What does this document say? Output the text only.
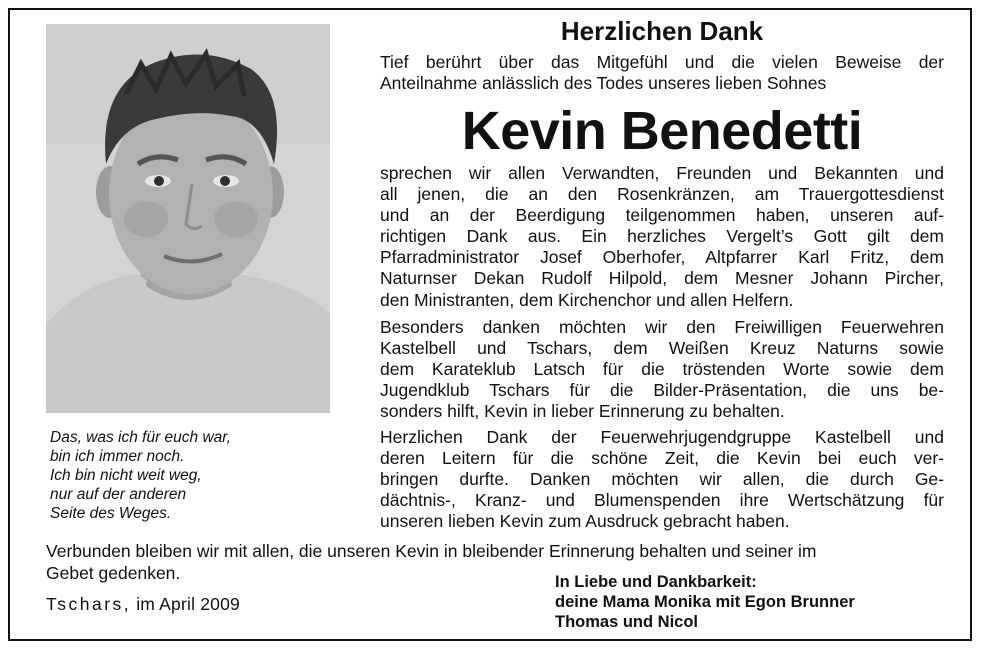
Das, was ich für euch war,
bin ich immer noch.
Ich bin nicht weit weg,
nur auf der anderen
Seite des Weges.
Herzlichen Dank
Tief berührt über das Mitgefühl und die vielen Beweise der
Anteilnahme anlässlich des Todes unseres lieben Sohnes
Kevin Benedetti
sprechen wir allen Verwandten, Freunden und Bekannten und
all jenen, die an den Rosenkränzen, am Trauergottesdienst
und an der Beerdigung teilgenommen haben, unseren auf-
richtigen Dank aus. Ein herzliches Vergelt’s Gott gilt dem
Pfarradministrator Josef Oberhofer, Altpfarrer Karl Fritz, dem
Naturnser Dekan Rudolf Hilpold, dem Mesner Johann Pircher,
den Ministranten, dem Kirchenchor und allen Helfern.
Besonders danken möchten wir den Freiwilligen Feuerwehren
Kastelbell und Tschars, dem Weißen Kreuz Naturns sowie
dem Karateklub Latsch für die tröstenden Worte sowie dem
Jugendklub Tschars für die Bilder-Präsentation, die uns be-
sonders hilft, Kevin in lieber Erinnerung zu behalten.
Herzlichen Dank der Feuerwehrjugendgruppe Kastelbell und
deren Leitern für die schöne Zeit, die Kevin bei euch ver-
bringen durfte. Danken möchten wir allen, die durch Ge-
dächtnis-, Kranz- und Blumenspenden ihre Wertschätzung für
unseren lieben Kevin zum Ausdruck gebracht haben.
Verbunden bleiben wir mit allen, die unseren Kevin in bleibender Erinnerung behalten und seiner im
Gebet gedenken.
Tschars, im April 2009
In Liebe und Dankbarkeit:
deine Mama Monika mit Egon Brunner
Thomas und Nicol
